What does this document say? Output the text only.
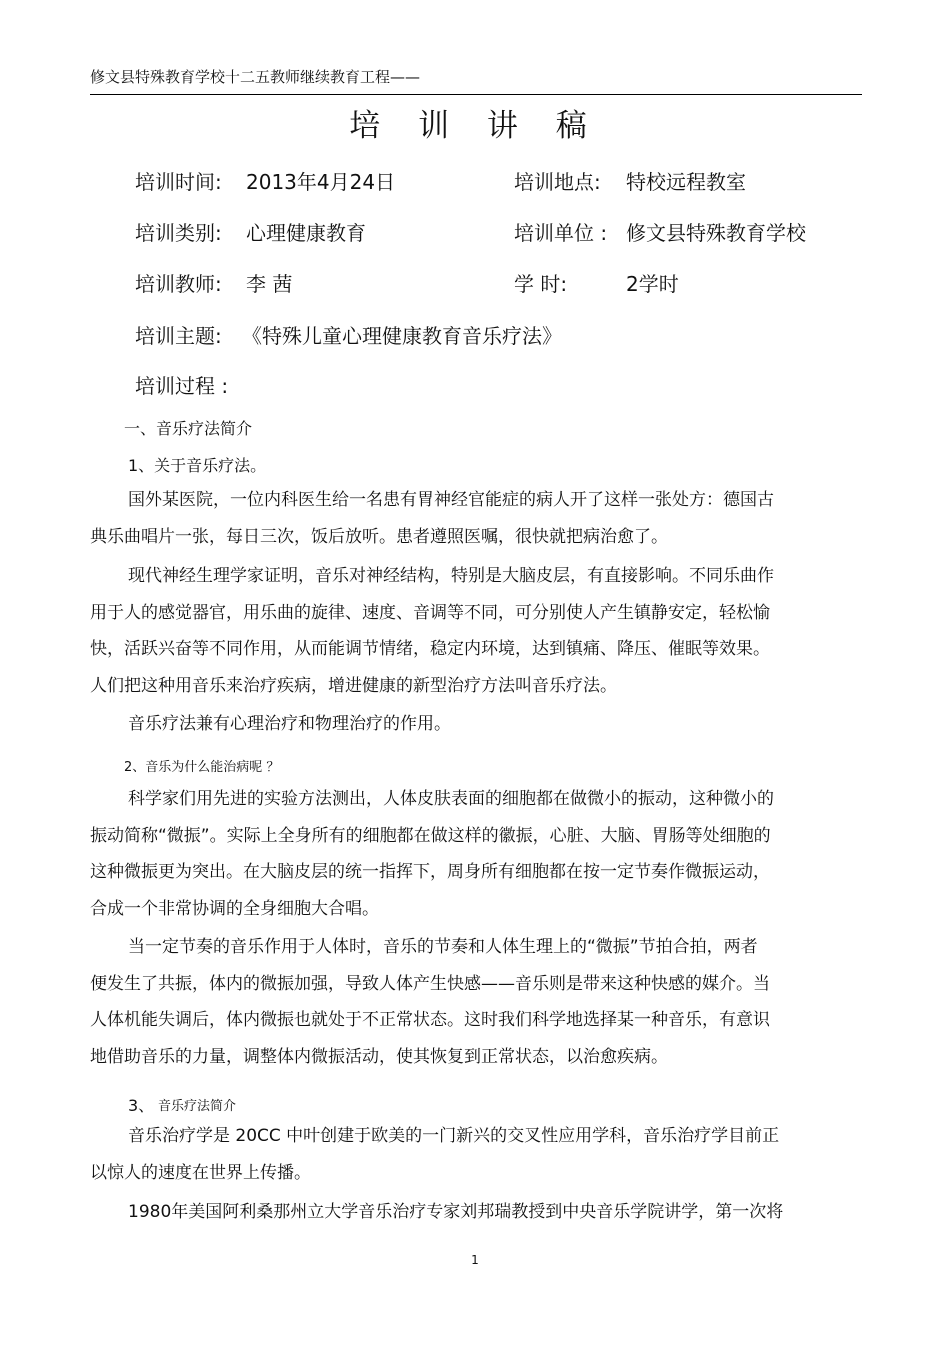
修文县特殊教育学校十二五教师继续教育工程——
培 训 讲 稿
培训时间: 2013年4月24日	培训地点: 特校远程教室
培训类别: 心理健康教育	培训单位 : 修文县特殊教育学校
培训教师: 李 茜	学 时:	2学时
培训主题: 《特殊儿童心理健康教育音乐疗法》
培训过程 :
一、音乐疗法简介
1、关于音乐疗法。
国外某医院，一位内科医生给一名患有胃神经官能症的病人开了这样一张处方：德国古
典乐曲唱片一张，每日三次，饭后放听。患者遵照医嘱，很快就把病治愈了。
现代神经生理学家证明，音乐对神经结构，特别是大脑皮层，有直接影响。不同乐曲作
用于人的感觉器官，用乐曲的旋律、速度、音调等不同，可分别使人产生镇静安定，轻松愉
快，活跃兴奋等不同作用，从而能调节情绪，稳定内环境，达到镇痛、降压、催眠等效果。
人们把这种用音乐来治疗疾病，增进健康的新型治疗方法叫音乐疗法。
音乐疗法兼有心理治疗和物理治疗的作用。
2、音乐为什么能治病呢 ？
科学家们用先进的实验方法测出，人体皮肤表面的细胞都在做微小的振动，这种微小的
振动简称“微振”。实际上全身所有的细胞都在做这样的徽振，心脏、大脑、胃肠等处细胞的
这种微振更为突出。在大脑皮层的统一指挥下，周身所有细胞都在按一定节奏作微振运动，
合成一个非常协调的全身细胞大合唱。
当一定节奏的音乐作用于人体时，音乐的节奏和人体生理上的“微振”节拍合拍，两者
便发生了共振，体内的微振加强，导致人体产生快感——音乐则是带来这种快感的媒介。当
人体机能失调后，体内微振也就处于不正常状态。这时我们科学地选择某一种音乐，有意识
地借助音乐的力量，调整体内微振活动，使其恢复到正常状态，以治愈疾病。
3、 音乐疗法简介
音乐治疗学是 20CC 中叶创建于欧美的一门新兴的交叉性应用学科，音乐治疗学目前正
以惊人的速度在世界上传播。
1980年美国阿利桑那州立大学音乐治疗专家刘邦瑞教授到中央音乐学院讲学，第一次将
1
